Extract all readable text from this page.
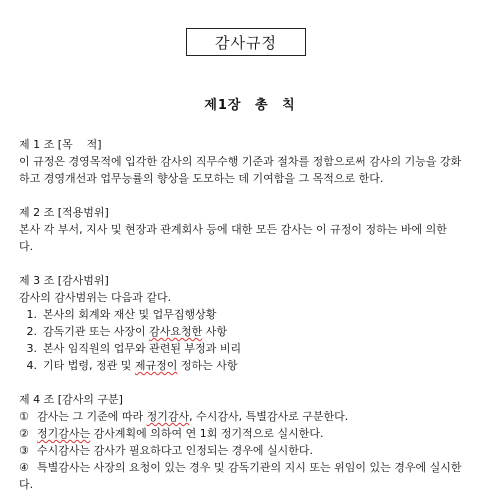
감사규정
제1장 총 칙

제 1 조 [목    적]

이 규정은 경영목적에 입각한 감사의 직무수행 기준과 절차를 정함으로써 감사의 기능을 강화

하고 경영개선과 업무능률의 향상을 도모하는 데 기여함을 그 목적으로 한다.

제 2 조 [적용범위]

본사 각 부서, 지사 및 현장과 관계회사 등에 대한 모든 감사는 이 규정이 정하는 바에 의한

다.

제 3 조 [감사범위]

감사의 감사범위는 다음과 같다.

1. 본사의 회계와 재산 및 업무집행상황
2. 감독기관 또는 사장이 감사요청한 사항
3. 본사 임직원의 업무와 관련된 부정과 비리
4. 기타 법령, 정관 및 제규정이 정하는 사항

제 4 조 [감사의 구분]

① 감사는 그 기준에 따라 정기감사, 수시감사, 특별감사로 구분한다.
② 정기감사는 감사계획에 의하여 연 1회 정기적으로 실시한다.
③ 수시감사는 감사가 필요하다고 인정되는 경우에 실시한다.
④ 특별감사는 사장의 요청이 있는 경우 및 감독기관의 지시 또는 위임이 있는 경우에 실시한

다.
